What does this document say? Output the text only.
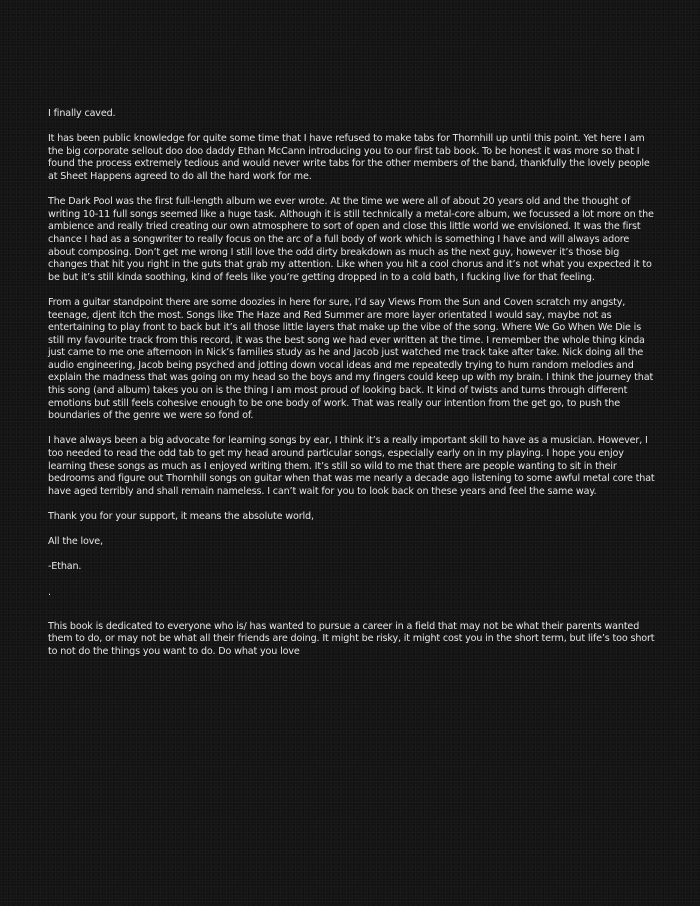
I finally caved.

It has been public knowledge for quite some time that I have refused to make tabs for Thornhill up until this point. Yet here I am the big corporate sellout doo doo daddy Ethan McCann introducing you to our first tab book. To be honest it was more so that I found the process extremely tedious and would never write tabs for the other members of the band, thankfully the lovely people at Sheet Happens agreed to do all the hard work for me.

The Dark Pool was the first full-length album we ever wrote. At the time we were all of about 20 years old and the thought of writing 10-11 full songs seemed like a huge task. Although it is still technically a metal-core album, we focussed a lot more on the ambience and really tried creating our own atmosphere to sort of open and close this little world we envisioned. It was the first chance I had as a songwriter to really focus on the arc of a full body of work which is something I have and will always adore about composing. Don’t get me wrong I still love the odd dirty breakdown as much as the next guy, however it’s those big changes that hit you right in the guts that grab my attention. Like when you hit a cool chorus and it’s not what you expected it to be but it’s still kinda soothing, kind of feels like you’re getting dropped in to a cold bath, I fucking live for that feeling.

From a guitar standpoint there are some doozies in here for sure, I’d say Views From the Sun and Coven scratch my angsty, teenage, djent itch the most. Songs like The Haze and Red Summer are more layer orientated I would say, maybe not as entertaining to play front to back but it’s all those little layers that make up the vibe of the song. Where We Go When We Die is still my favourite track from this record, it was the best song we had ever written at the time. I remember the whole thing kinda just came to me one afternoon in Nick’s families study as he and Jacob just watched me track take after take. Nick doing all the audio engineering, Jacob being psyched and jotting down vocal ideas and me repeatedly trying to hum random melodies and explain the madness that was going on my head so the boys and my fingers could keep up with my brain. I think the journey that this song (and album) takes you on is the thing I am most proud of looking back. It kind of twists and turns through different emotions but still feels cohesive enough to be one body of work. That was really our intention from the get go, to push the boundaries of the genre we were so fond of.

I have always been a big advocate for learning songs by ear, I think it’s a really important skill to have as a musician. However, I too needed to read the odd tab to get my head around particular songs, especially early on in my playing. I hope you enjoy learning these songs as much as I enjoyed writing them. It’s still so wild to me that there are people wanting to sit in their bedrooms and figure out Thornhill songs on guitar when that was me nearly a decade ago listening to some awful metal core that have aged terribly and shall remain nameless. I can’t wait for you to look back on these years and feel the same way.

Thank you for your support, it means the absolute world,

All the love,

-Ethan.

.

This book is dedicated to everyone who is/ has wanted to pursue a career in a field that may not be what their parents wanted them to do, or may not be what all their friends are doing. It might be risky, it might cost you in the short term, but life’s too short to not do the things you want to do. Do what you love
